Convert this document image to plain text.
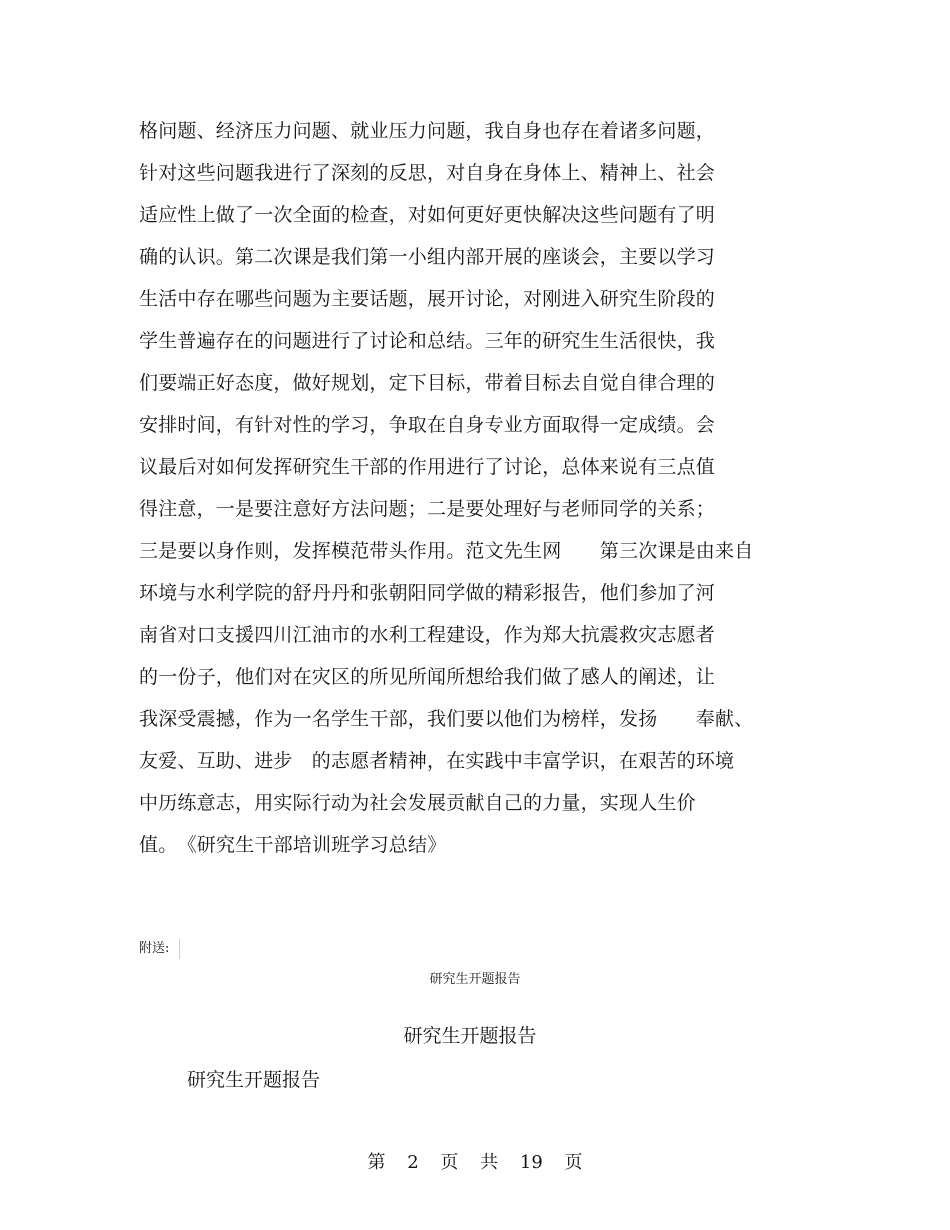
格问题、经济压力问题、就业压力问题，我自身也存在着诸多问题，
针对这些问题我进行了深刻的反思，对自身在身体上、精神上、社会
适应性上做了一次全面的检查，对如何更好更快解决这些问题有了明
确的认识。第二次课是我们第一小组内部开展的座谈会，主要以学习
生活中存在哪些问题为主要话题，展开讨论，对刚进入研究生阶段的
学生普遍存在的问题进行了讨论和总结。三年的研究生生活很快，我
们要端正好态度，做好规划，定下目标，带着目标去自觉自律合理的
安排时间，有针对性的学习，争取在自身专业方面取得一定成绩。会
议最后对如何发挥研究生干部的作用进行了讨论，总体来说有三点值
得注意，一是要注意好方法问题；二是要处理好与老师同学的关系；
三是要以身作则，发挥模范带头作用。范文先生网　　第三次课是由来自
环境与水利学院的舒丹丹和张朝阳同学做的精彩报告，他们参加了河
南省对口支援四川江油市的水利工程建设，作为郑大抗震救灾志愿者
的一份子，他们对在灾区的所见所闻所想给我们做了感人的阐述，让
我深受震撼，作为一名学生干部，我们要以他们为榜样，发扬　　奉献、
友爱、互助、进步　的志愿者精神，在实践中丰富学识，在艰苦的环境
中历练意志，用实际行动为社会发展贡献自己的力量，实现人生价
值。　《研究生干部培训班学习总结》
附送:
研究生开题报告
研究生开题报告
研究生开题报告
第 2 页 共 19 页
